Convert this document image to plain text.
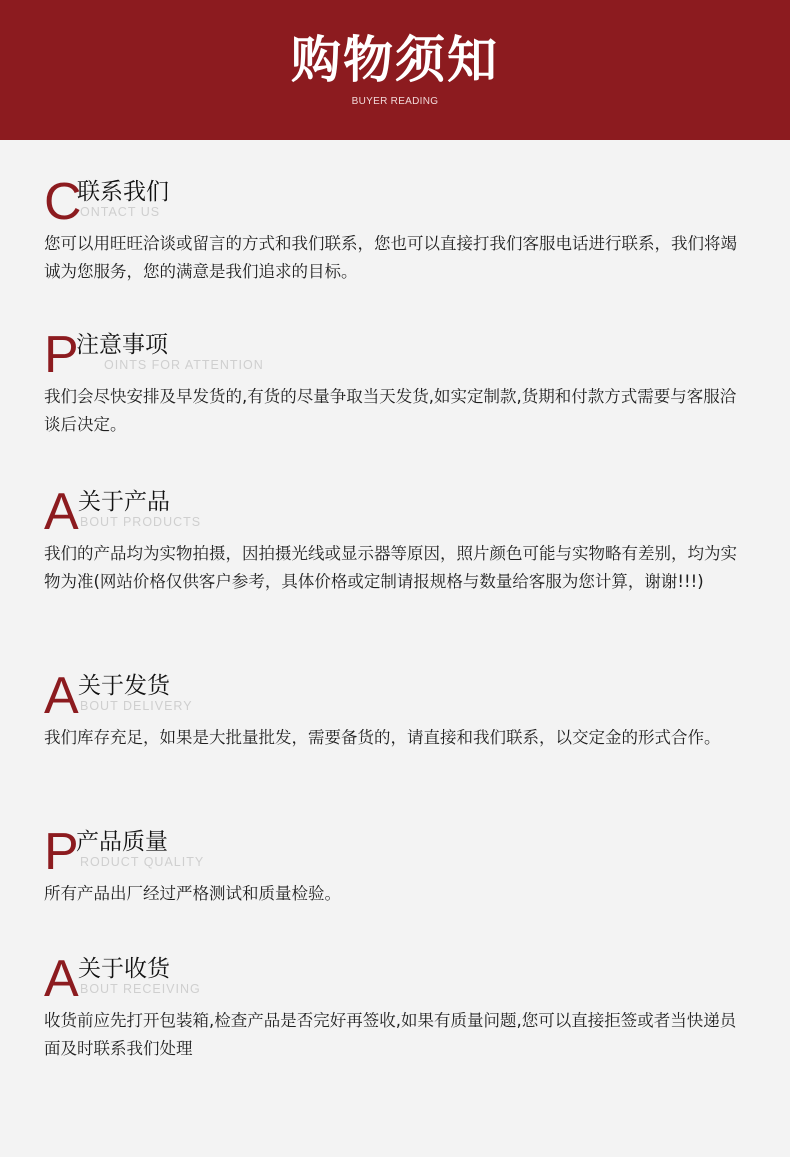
购物须知
BUYER READING
C
联系我们
ONTACT US
您可以用旺旺洽谈或留言的方式和我们联系，您也可以直接打我们客服电话进行联系，我们将竭诚为您服务，您的满意是我们追求的目标。
P
注意事项
OINTS FOR ATTENTION
我们会尽快安排及早发货的,有货的尽量争取当天发货,如实定制款,货期和付款方式需要与客服洽谈后决定。
A 关于产品
BOUT PRODUCTS
我们的产品均为实物拍摄，因拍摄光线或显示器等原因，照片颜色可能与实物略有差别，均为实物为准(网站价格仅供客户参考，具体价格或定制请报规格与数量给客服为您计算，谢谢!!!)
A 关于发货
BOUT DELIVERY
我们库存充足，如果是大批量批发，需要备货的，请直接和我们联系，以交定金的形式合作。
P
产品质量
RODUCT QUALITY
所有产品出厂经过严格测试和质量检验。
A 关于收货
BOUT RECEIVING
收货前应先打开包装箱,检查产品是否完好再签收,如果有质量问题,您可以直接拒签或者当快递员面及时联系我们处理
